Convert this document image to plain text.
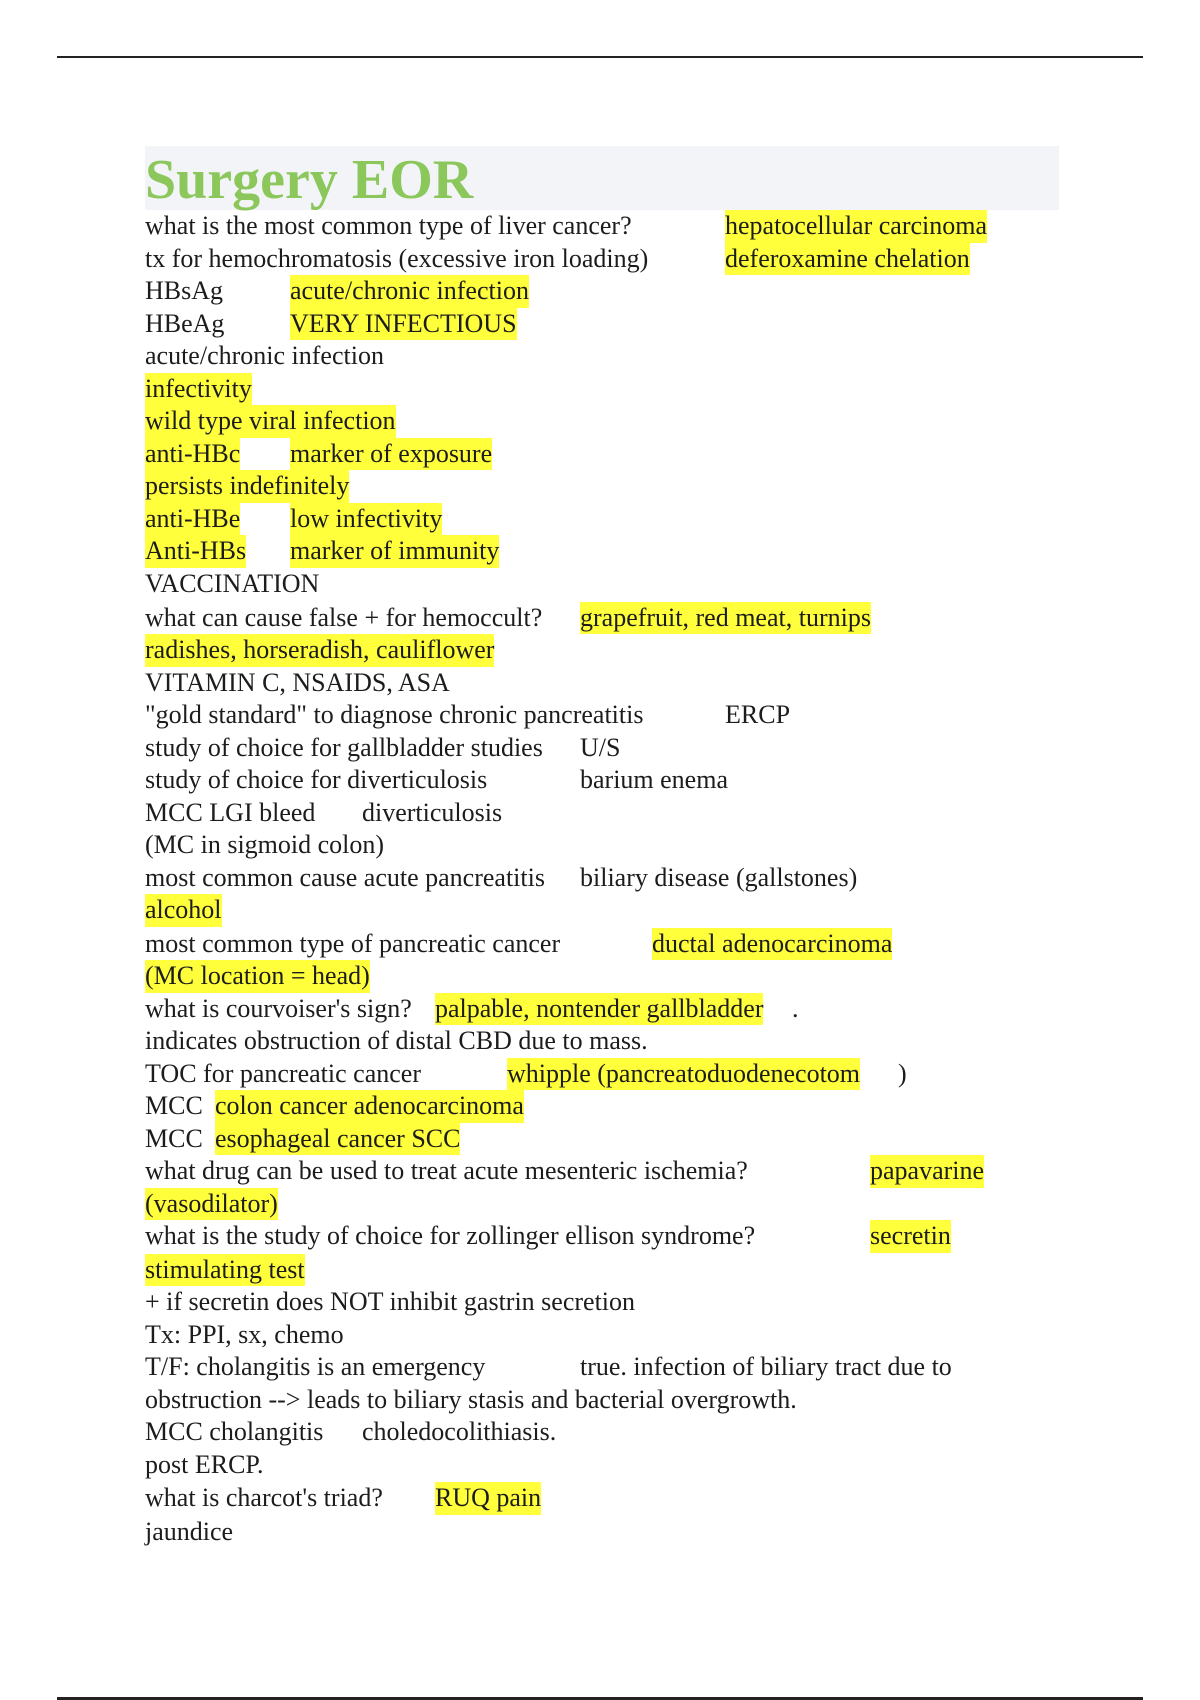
Surgery EOR
what is the most common type of liver cancer?	hepatocellular carcinoma
tx for hemochromatosis (excessive iron loading)	deferoxamine chelation
HBsAg	acute/chronic infection
HBeAg	VERY INFECTIOUS
acute/chronic infection
infectivity
wild type viral infection
anti-HBc marker of exposure
persists indefinitely
anti-HBe low infectivity
Anti-HBs marker of immunity
VACCINATION
what can cause false + for hemoccult? grapefruit, red meat, turnips
radishes, horseradish, cauliflower
VITAMIN C, NSAIDS, ASA
"gold standard" to diagnose chronic pancreatitis	ERCP
study of choice for gallbladder studies U/S
study of choice for diverticulosis	barium enema
MCC LGI bleed diverticulosis
(MC in sigmoid colon)
most common cause acute pancreatitis biliary disease (gallstones)
alcohol
most common type of pancreatic cancer	ductal adenocarcinoma
(MC location = head)
what is courvoiser's sign? palpable, nontender gallbladder .
indicates obstruction of distal CBD due to mass.
TOC for pancreatic cancer	whipple (pancreatoduodenecotom )
MCC colon cancer adenocarcinoma
MCC esophageal cancer SCC
what drug can be used to treat acute mesenteric ischemia?	papavarine
(vasodilator)
what is the study of choice for zollinger ellison syndrome?	secretin
stimulating test
+ if secretin does NOT inhibit gastrin secretion
Tx: PPI, sx, chemo
T/F: cholangitis is an emergency	true. infection of biliary tract due to
obstruction --> leads to biliary stasis and bacterial overgrowth.
MCC cholangitis choledocolithiasis.
post ERCP.
what is charcot's triad? RUQ pain
jaundice
